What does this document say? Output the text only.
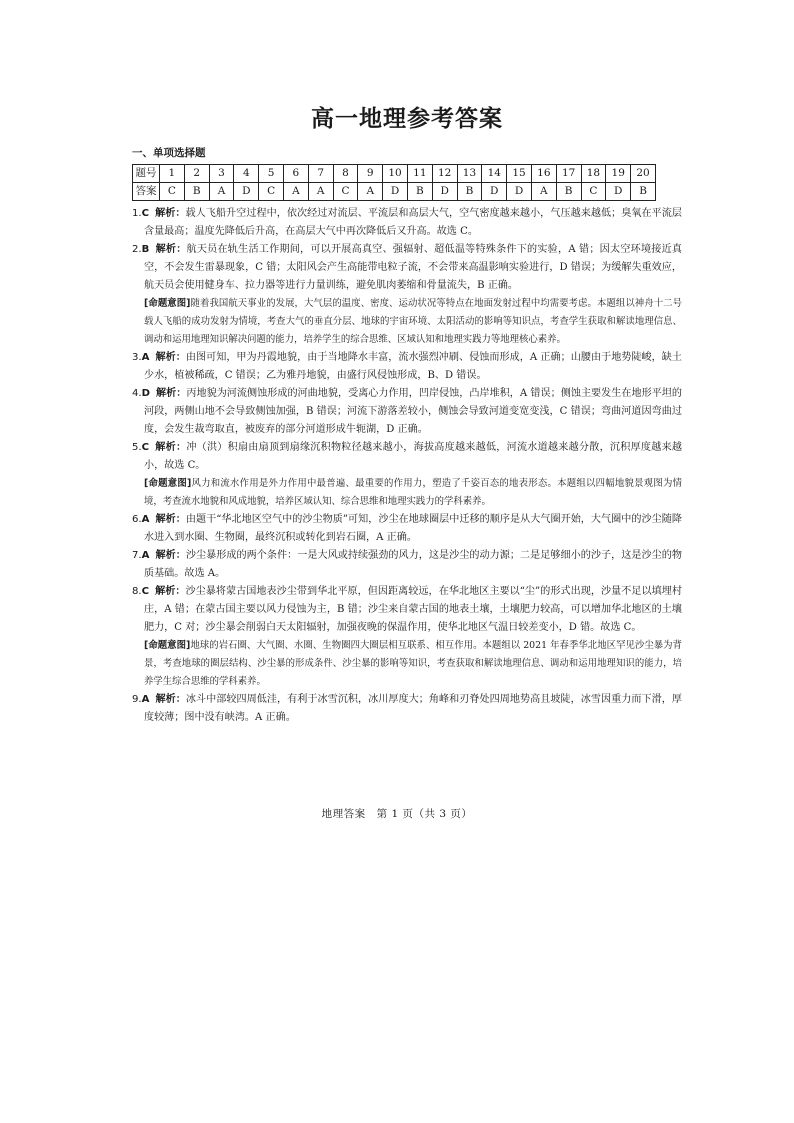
高一地理参考答案
一、单项选择题
题号	1	2	3	4	5	6	7	8	9	10	11	12	13	14	15	16	17	18	19	20
答案	C	B	A	D	C	A	A	C	A	D	B	D	B	D	D	A	B	C	D	B
1.C 解析：载人飞船升空过程中，依次经过对流层、平流层和高层大气，空气密度越来越小，气压越来越低；臭氧在平流层含量最高；温度先降低后升高，在高层大气中再次降低后又升高。故选 C。
2.B 解析：航天员在轨生活工作期间，可以开展高真空、强辐射、超低温等特殊条件下的实验，A 错；因太空环境接近真空，不会发生雷暴现象，C 错；太阳风会产生高能带电粒子流，不会带来高温影响实验进行，D 错误；为缓解失重效应，航天员会使用健身车、拉力器等进行力量训练，避免肌肉萎缩和骨量流失，B 正确。
[命题意图]随着我国航天事业的发展，大气层的温度、密度、运动状况等特点在地面发射过程中均需要考虑。本题组以神舟十二号载人飞船的成功发射为情境，考查大气的垂直分层、地球的宇宙环境、太阳活动的影响等知识点，考查学生获取和解读地理信息、调动和运用地理知识解决问题的能力，培养学生的综合思维、区域认知和地理实践力等地理核心素养。
3.A 解析：由图可知，甲为丹霞地貌，由于当地降水丰富，流水强烈冲刷、侵蚀而形成，A 正确；山腰由于地势陡峻，缺土少水，植被稀疏，C 错误；乙为雅丹地貌，由盛行风侵蚀形成，B、D 错误。
4.D 解析：丙地貌为河流侧蚀形成的河曲地貌，受离心力作用，凹岸侵蚀，凸岸堆积，A 错误；侧蚀主要发生在地形平坦的河段，两侧山地不会导致侧蚀加强，B 错误；河流下游落差较小，侧蚀会导致河道变宽变浅，C 错误；弯曲河道因弯曲过度，会发生裁弯取直，被废弃的部分河道形成牛轭湖，D 正确。
5.C 解析：冲（洪）积扇由扇顶到扇缘沉积物粒径越来越小，海拔高度越来越低，河流水道越来越分散，沉积厚度越来越小，故选 C。
[命题意图]风力和流水作用是外力作用中最普遍、最重要的作用力，塑造了千姿百态的地表形态。本题组以四幅地貌景观图为情境，考查流水地貌和风成地貌，培养区域认知、综合思维和地理实践力的学科素养。
6.A 解析：由题干“华北地区空气中的沙尘物质”可知，沙尘在地球圈层中迁移的顺序是从大气圈开始，大气圈中的沙尘随降水进入到水圈、生物圈，最终沉积或转化到岩石圈，A 正确。
7.A 解析：沙尘暴形成的两个条件：一是大风或持续强劲的风力，这是沙尘的动力源；二是足够细小的沙子，这是沙尘的物质基础。故选 A。
8.C 解析：沙尘暴将蒙古国地表沙尘带到华北平原，但因距离较远，在华北地区主要以“尘”的形式出现，沙量不足以填埋村庄，A 错；在蒙古国主要以风力侵蚀为主，B 错；沙尘来自蒙古国的地表土壤，土壤肥力较高，可以增加华北地区的土壤肥力，C 对；沙尘暴会削弱白天太阳辐射，加强夜晚的保温作用，使华北地区气温日较差变小，D 错。故选 C。
[命题意图]地球的岩石圈、大气圈、水圈、生物圈四大圈层相互联系、相互作用。本题组以 2021 年春季华北地区罕见沙尘暴为背景，考查地球的圈层结构、沙尘暴的形成条件、沙尘暴的影响等知识，考查获取和解读地理信息、调动和运用地理知识的能力，培养学生综合思维的学科素养。
9.A 解析：冰斗中部较四周低洼，有利于冰雪沉积，冰川厚度大；角峰和刃脊处四周地势高且坡陡，冰雪因重力而下滑，厚度较薄；图中没有峡湾。A 正确。
地理答案　第 1 页（共 3 页）
